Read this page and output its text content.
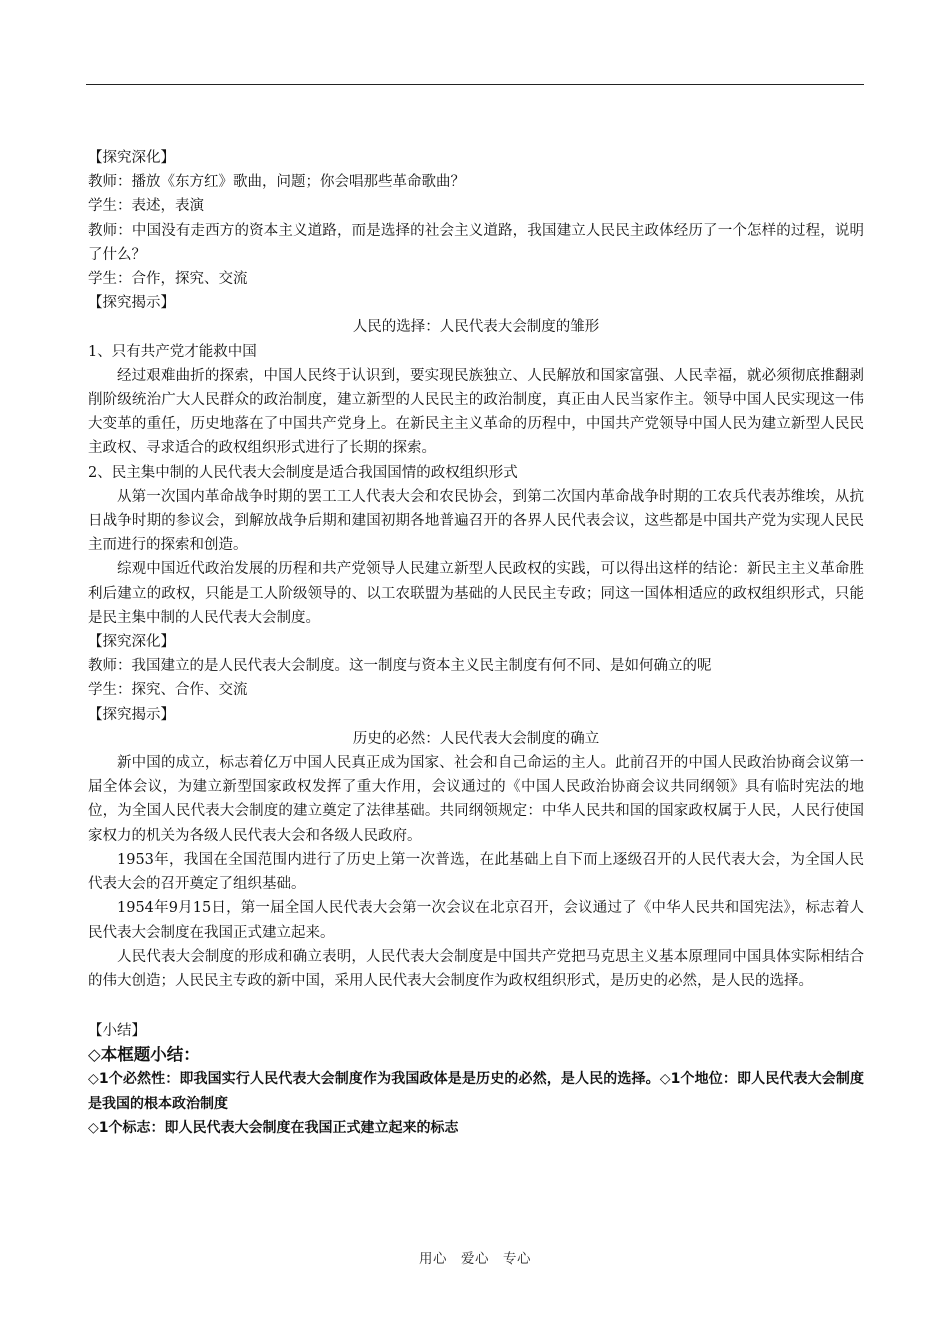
【探究深化】

教师：播放《东方红》歌曲，问题；你会唱那些革命歌曲？

学生：表述，表演

教师：中国没有走西方的资本主义道路，而是选择的社会主义道路，我国建立人民民主政体经历了一个怎样的过程，说明了什么？

学生：合作，探究、交流

【探究揭示】

人民的选择：人民代表大会制度的雏形

1、只有共产党才能救中国

经过艰难曲折的探索，中国人民终于认识到，要实现民族独立、人民解放和国家富强、人民幸福，就必须彻底推翻剥削阶级统治广大人民群众的政治制度，建立新型的人民民主的政治制度，真正由人民当家作主。领导中国人民实现这一伟大变革的重任，历史地落在了中国共产党身上。在新民主主义革命的历程中，中国共产党领导中国人民为建立新型人民民主政权、寻求适合的政权组织形式进行了长期的探索。

2、民主集中制的人民代表大会制度是适合我国国情的政权组织形式

从第一次国内革命战争时期的罢工工人代表大会和农民协会，到第二次国内革命战争时期的工农兵代表苏维埃，从抗日战争时期的参议会，到解放战争后期和建国初期各地普遍召开的各界人民代表会议，这些都是中国共产党为实现人民民主而进行的探索和创造。

综观中国近代政治发展的历程和共产党领导人民建立新型人民政权的实践，可以得出这样的结论：新民主主义革命胜利后建立的政权，只能是工人阶级领导的、以工农联盟为基础的人民民主专政；同这一国体相适应的政权组织形式，只能是民主集中制的人民代表大会制度。

【探究深化】

教师：我国建立的是人民代表大会制度。这一制度与资本主义民主制度有何不同、是如何确立的呢

学生：探究、合作、交流

【探究揭示】

历史的必然：人民代表大会制度的确立

新中国的成立，标志着亿万中国人民真正成为国家、社会和自己命运的主人。此前召开的中国人民政治协商会议第一届全体会议，为建立新型国家政权发挥了重大作用，会议通过的《中国人民政治协商会议共同纲领》具有临时宪法的地位，为全国人民代表大会制度的建立奠定了法律基础。共同纲领规定：中华人民共和国的国家政权属于人民，人民行使国家权力的机关为各级人民代表大会和各级人民政府。

1953年，我国在全国范围内进行了历史上第一次普选，在此基础上自下而上逐级召开的人民代表大会，为全国人民代表大会的召开奠定了组织基础。

1954年9月15日，第一届全国人民代表大会第一次会议在北京召开，会议通过了《中华人民共和国宪法》，标志着人民代表大会制度在我国正式建立起来。

人民代表大会制度的形成和确立表明，人民代表大会制度是中国共产党把马克思主义基本原理同中国具体实际相结合的伟大创造；人民民主专政的新中国，采用人民代表大会制度作为政权组织形式，是历史的必然，是人民的选择。

【小结】

◇本框题小结：

◇1个必然性：即我国实行人民代表大会制度作为我国政体是是历史的必然，是人民的选择。◇1个地位：即人民代表大会制度是我国的根本政治制度

◇1个标志：即人民代表大会制度在我国正式建立起来的标志

用心　爱心　专心
